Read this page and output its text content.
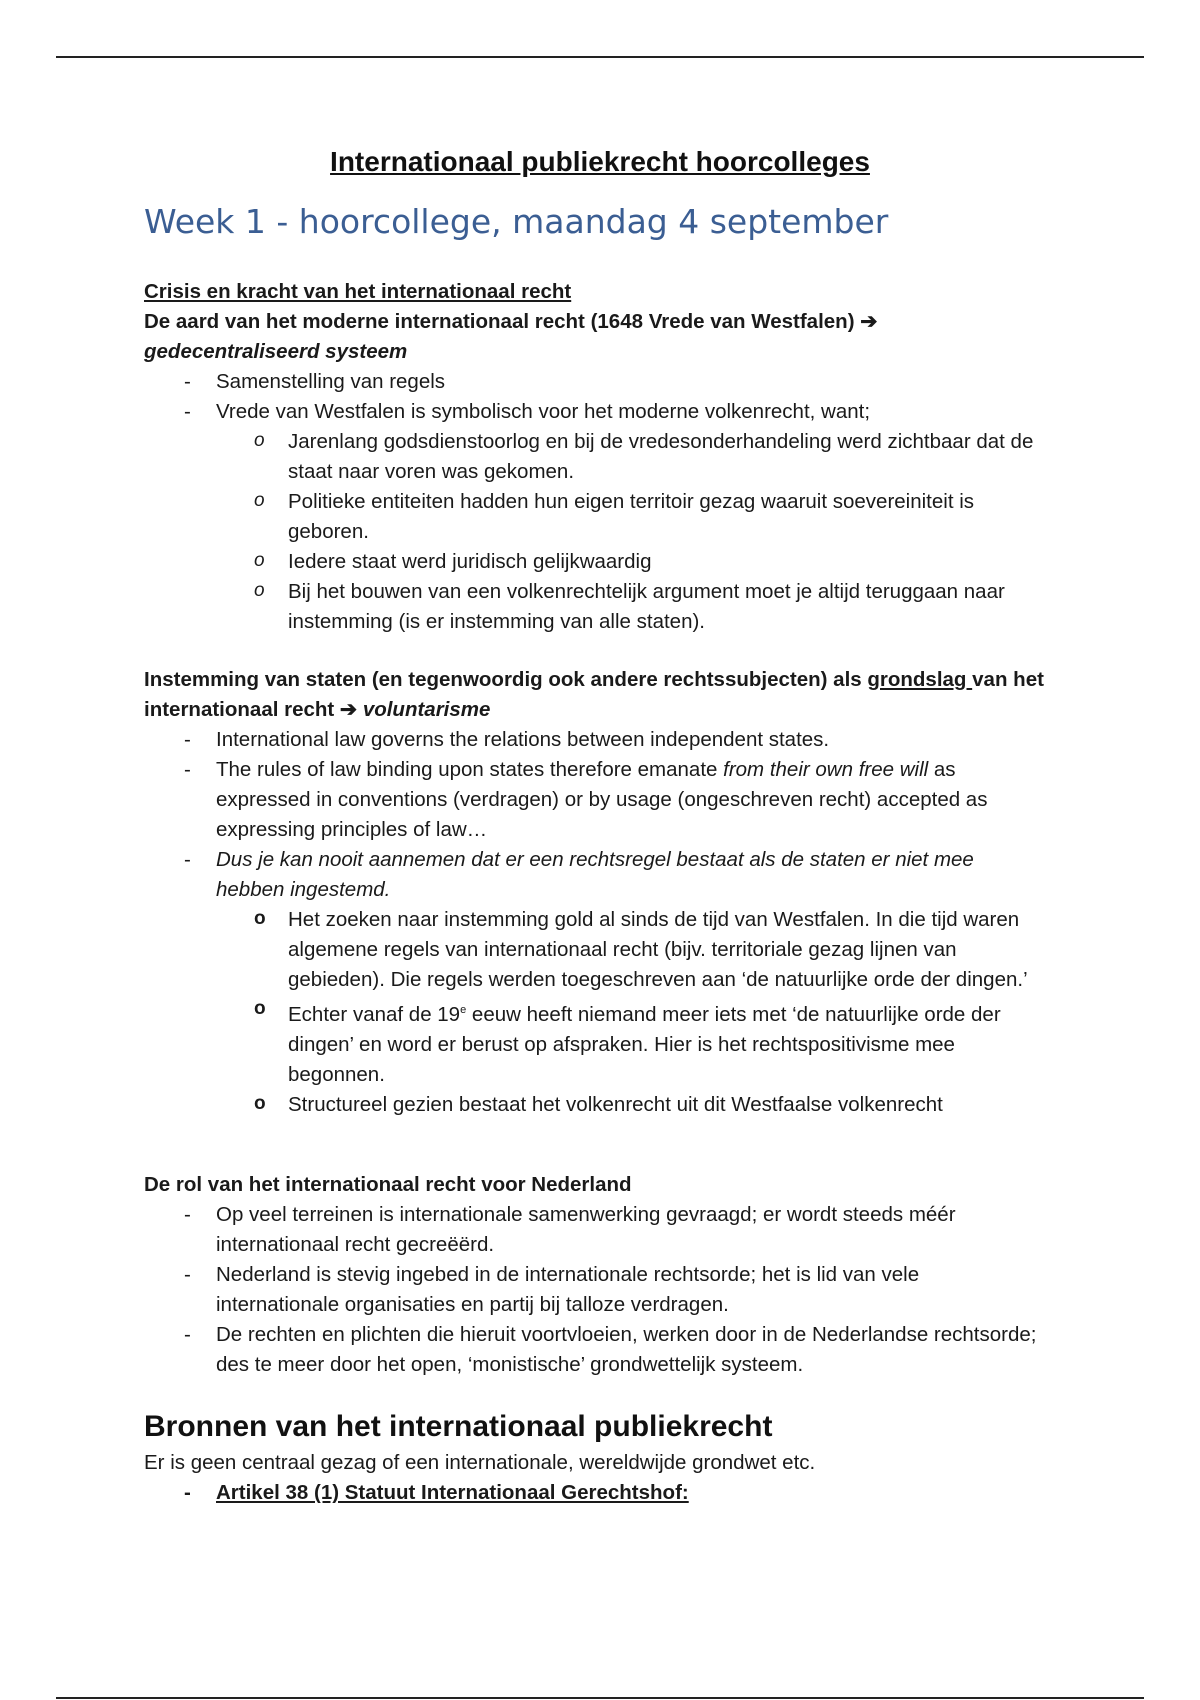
Internationaal publiekrecht hoorcolleges
Week 1 - hoorcollege, maandag 4 september
Crisis en kracht van het internationaal recht
De aard van het moderne internationaal recht (1648 Vrede van Westfalen) ➔
gedecentraliseerd systeem
- Samenstelling van regels
- Vrede van Westfalen is symbolisch voor het moderne volkenrecht, want;
o Jarenlang godsdienstoorlog en bij de vredesonderhandeling werd zichtbaar dat de staat naar voren was gekomen.
o Politieke entiteiten hadden hun eigen territoir gezag waaruit soevereiniteit is geboren.
o Iedere staat werd juridisch gelijkwaardig
o Bij het bouwen van een volkenrechtelijk argument moet je altijd teruggaan naar instemming (is er instemming van alle staten).
Instemming van staten (en tegenwoordig ook andere rechtssubjecten) als grondslag van het internationaal recht ➔ voluntarisme
- International law governs the relations between independent states.
- The rules of law binding upon states therefore emanate from their own free will as expressed in conventions (verdragen) or by usage (ongeschreven recht) accepted as expressing principles of law…
- Dus je kan nooit aannemen dat er een rechtsregel bestaat als de staten er niet mee hebben ingestemd.
o Het zoeken naar instemming gold al sinds de tijd van Westfalen. In die tijd waren algemene regels van internationaal recht (bijv. territoriale gezag lijnen van gebieden). Die regels werden toegeschreven aan ‘de natuurlijke orde der dingen.’
o Echter vanaf de 19e eeuw heeft niemand meer iets met ‘de natuurlijke orde der dingen’ en word er berust op afspraken. Hier is het rechtspositivisme mee begonnen.
o Structureel gezien bestaat het volkenrecht uit dit Westfaalse volkenrecht
De rol van het internationaal recht voor Nederland
- Op veel terreinen is internationale samenwerking gevraagd; er wordt steeds méér internationaal recht gecreëërd.
- Nederland is stevig ingebed in de internationale rechtsorde; het is lid van vele internationale organisaties en partij bij talloze verdragen.
- De rechten en plichten die hieruit voortvloeien, werken door in de Nederlandse rechtsorde; des te meer door het open, ‘monistische’ grondwettelijk systeem.
Bronnen van het internationaal publiekrecht
Er is geen centraal gezag of een internationale, wereldwijde grondwet etc.
- Artikel 38 (1) Statuut Internationaal Gerechtshof:
